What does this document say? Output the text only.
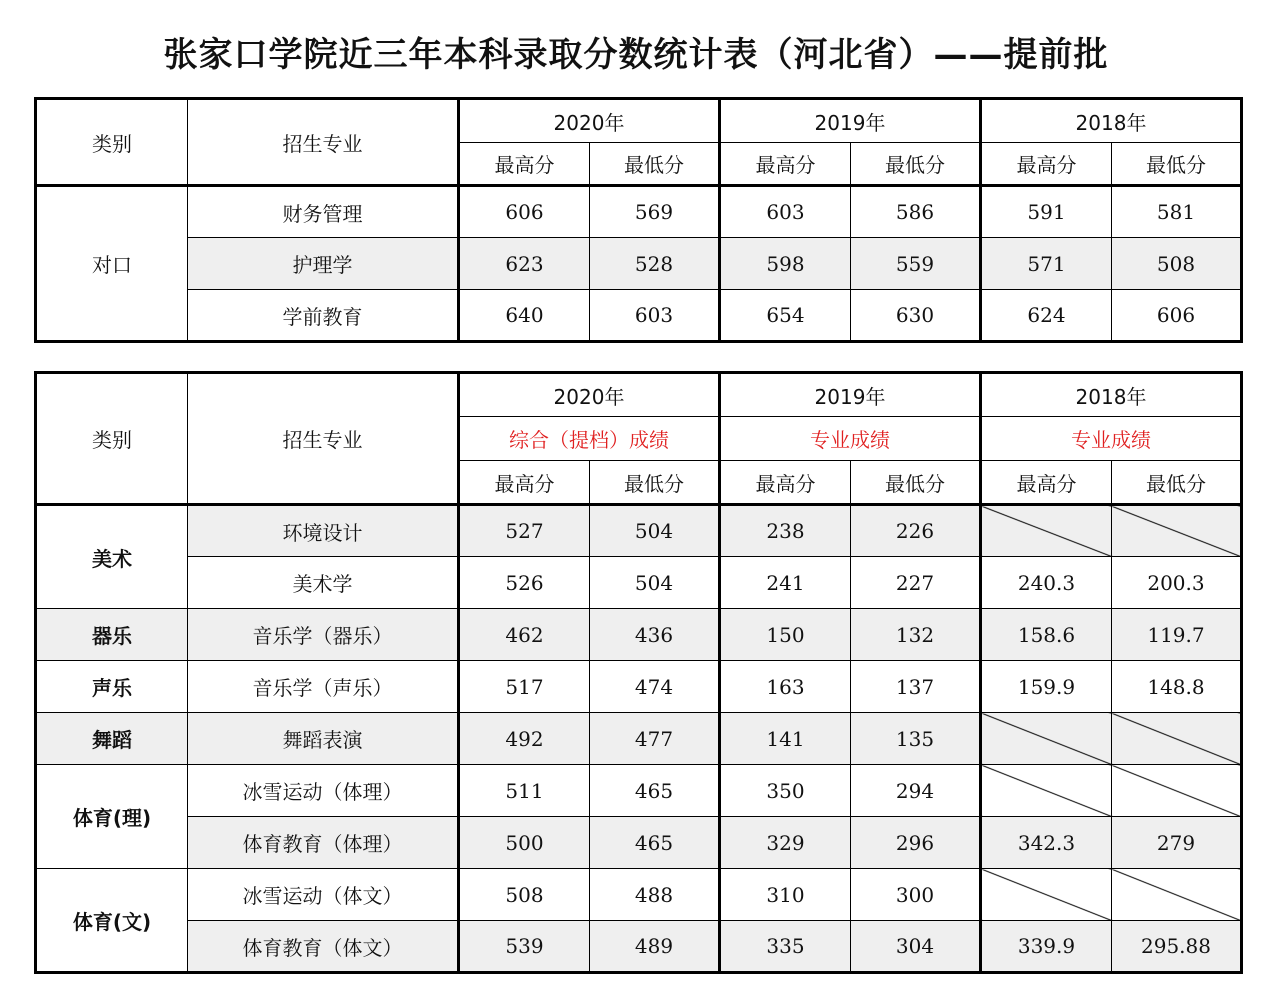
张家口学院近三年本科录取分数统计表（河北省）——提前批
类别	招生专业	2020年		2019年		2018年	
		最高分	最低分	最高分	最低分	最高分	最低分
对口	财务管理	606	569	603	586	591	581
	护理学	623	528	598	559	571	508
	学前教育	640	603	654	630	624	606
类别	招生专业	2020年		2019年		2018年	
		综合（提档）成绩		专业成绩		专业成绩	
		最高分	最低分	最高分	最低分	最高分	最低分
美术	环境设计	527	504	238	226		
	美术学	526	504	241	227	240.3	200.3
器乐	音乐学（器乐）	462	436	150	132	158.6	119.7
声乐	音乐学（声乐）	517	474	163	137	159.9	148.8
舞蹈	舞蹈表演	492	477	141	135		
体育(理)	冰雪运动（体理）	511	465	350	294		
	体育教育（体理）	500	465	329	296	342.3	279
体育(文)	冰雪运动（体文）	508	488	310	300		
	体育教育（体文）	539	489	335	304	339.9	295.88
